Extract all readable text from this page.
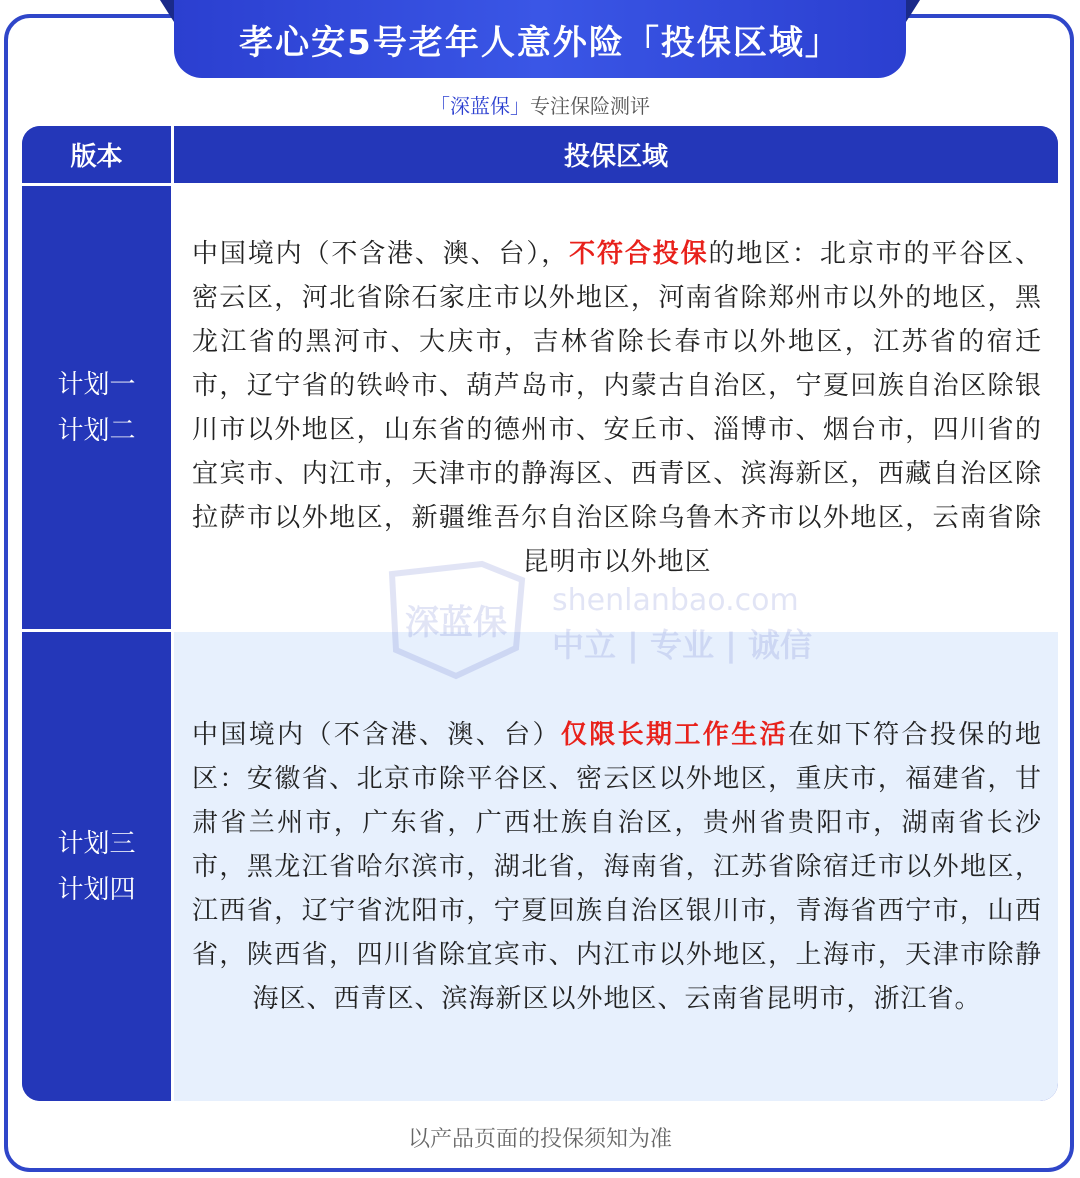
孝心安5号老年人意外险「投保区域」
「深蓝保」专注保险测评
版本	投保区域
计划一
计划二

中国境内（不含港、澳、台），不符合投保的地区：北京市的平谷区、密云区，河北省除石家庄市以外地区，河南省除郑州市以外的地区，黑龙江省的黑河市、大庆市，吉林省除长春市以外地区，江苏省的宿迁市，辽宁省的铁岭市、葫芦岛市，内蒙古自治区，宁夏回族自治区除银川市以外地区，山东省的德州市、安丘市、淄博市、烟台市，四川省的宜宾市、内江市，天津市的静海区、西青区、滨海新区，西藏自治区除拉萨市以外地区，新疆维吾尔自治区除乌鲁木齐市以外地区，云南省除昆明市以外地区

计划三
计划四

中国境内（不含港、澳、台）仅限长期工作生活在如下符合投保的地区：安徽省、北京市除平谷区、密云区以外地区，重庆市，福建省，甘肃省兰州市，广东省，广西壮族自治区，贵州省贵阳市，湖南省长沙市，黑龙江省哈尔滨市，湖北省，海南省，江苏省除宿迁市以外地区，江西省，辽宁省沈阳市，宁夏回族自治区银川市，青海省西宁市，山西省，陕西省，四川省除宜宾市、内江市以外地区，上海市，天津市除静海区、西青区、滨海新区以外地区、云南省昆明市，浙江省。

以产品页面的投保须知为准
